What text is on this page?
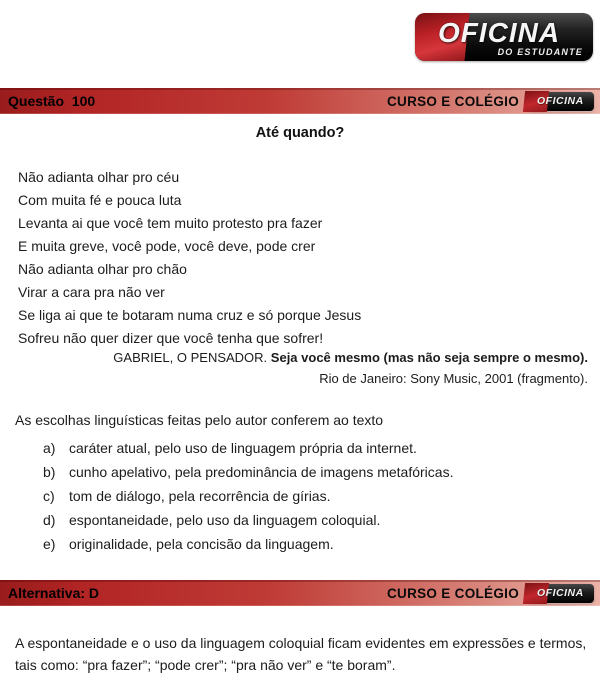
OFICINA
DO ESTUDANTE
Questão  100	CURSO E COLÉGIO OFICINA
Até quando?
Não adianta olhar pro céu
Com muita fé e pouca luta
Levanta ai que você tem muito protesto pra fazer
E muita greve, você pode, você deve, pode crer
Não adianta olhar pro chão
Virar a cara pra não ver
Se liga ai que te botaram numa cruz e só porque Jesus
Sofreu não quer dizer que você tenha que sofrer!
GABRIEL, O PENSADOR. Seja você mesmo (mas não seja sempre o mesmo).
Rio de Janeiro: Sony Music, 2001 (fragmento).
As escolhas linguísticas feitas pelo autor conferem ao texto
a) caráter atual, pelo uso de linguagem própria da internet.
b) cunho apelativo, pela predominância de imagens metafóricas.
c)	tom de diálogo, pela recorrência de gírias.
d) espontaneidade, pelo uso da linguagem coloquial.
e) originalidade, pela concisão da linguagem.
Alternativa: D	CURSO E COLÉGIO OFICINA
A espontaneidade e o uso da linguagem coloquial ficam evidentes em expressões e termos,
tais como: “pra fazer”; “pode crer”; “pra não ver” e “te boram”.
